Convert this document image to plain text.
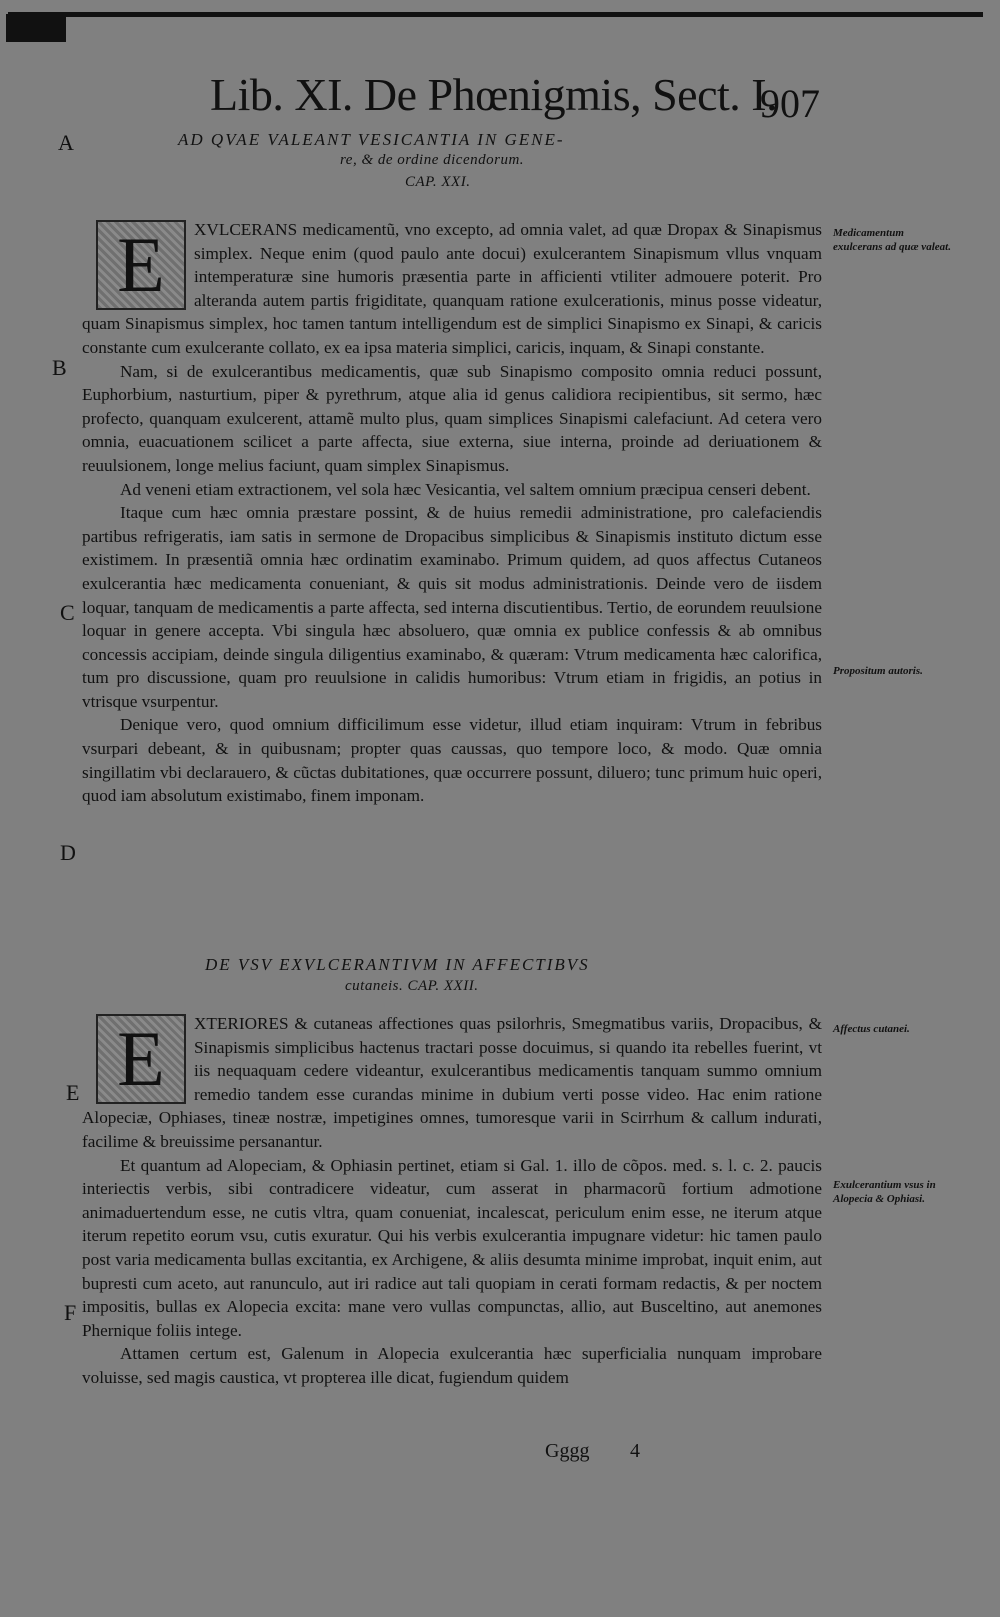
Lib. XI. De Phœnigmis, Sect. I.
907
A
B
C
D
E
F
AD QVAE VALEANT VESICANTIA IN GENE-
re, & de ordine dicendorum.
CAP. XXI.
E	XVLCERANS medicamentũ, vno excepto, ad omnia valet, ad quæ Dropax & Sinapismus simplex. Neque enim (quod paulo ante docui) exulcerantem Sinapismum vllus vnquam intemperaturæ sine humoris præsentia parte in afficienti vtiliter admouere poterit. Pro alteranda autem partis frigiditate, quanquam ratione exulcerationis, minus posse videatur, quam Sinapismus simplex, hoc tamen tantum intelligendum est de simplici Sinapismo ex Sinapi, & caricis constante cum exulcerante collato, ex ea ipsa materia simplici, caricis, inquam, & Sinapi constante.

Nam, si de exulcerantibus medicamentis, quæ sub Sinapismo composito omnia reduci possunt, Euphorbium, nasturtium, piper & pyrethrum, atque alia id genus calidiora recipientibus, sit sermo, hæc profecto, quanquam exulcerent, attamẽ multo plus, quam simplices Sinapismi calefaciunt. Ad cetera vero omnia, euacuationem scilicet a parte affecta, siue externa, siue interna, proinde ad deriuationem & reuulsionem, longe melius faciunt, quam simplex Sinapismus.

Ad veneni etiam extractionem, vel sola hæc Vesicantia, vel saltem omnium præcipua censeri debent.

Itaque cum hæc omnia præstare possint, & de huius remedii administratione, pro calefaciendis partibus refrigeratis, iam satis in sermone de Dropacibus simplicibus & Sinapismis instituto dictum esse existimem. In præsentiã omnia hæc ordinatim examinabo. Primum quidem, ad quos affectus Cutaneos exulcerantia hæc medicamenta conueniant, & quis sit modus administrationis. Deinde vero de iisdem loquar, tanquam de medicamentis a parte affecta, sed interna discutientibus. Tertio, de eorundem reuulsione loquar in genere accepta. Vbi singula hæc absoluero, quæ omnia ex publice confessis & ab omnibus concessis accipiam, deinde singula diligentius examinabo, & quæram: Vtrum medicamenta hæc calorifica, tum pro discussione, quam pro reuulsione in calidis humoribus: Vtrum etiam in frigidis, an potius in vtrisque vsurpentur.

Denique vero, quod omnium difficilimum esse videtur, illud etiam inquiram: Vtrum in febribus vsurpari debeant, & in quibusnam; propter quas caussas, quo tempore loco, & modo. Quæ omnia singillatim vbi declarauero, & cũctas dubitationes, quæ occurrere possunt, diluero; tunc primum huic operi, quod iam absolutum existimabo, finem imponam.

DE VSV EXVLCERANTIVM IN AFFECTIBVS
cutaneis. CAP. XXII.
E	XTERIORES & cutaneas affectiones quas psilorhris, Smegmatibus variis, Dropacibus, & Sinapismis simplicibus hactenus tractari posse docuimus, si quando ita rebelles fuerint, vt iis nequaquam cedere videantur, exulcerantibus medicamentis tanquam summo omnium remedio tandem esse curandas minime in dubium verti posse video. Hac enim ratione Alopeciæ, Ophiases, tineæ nostræ, impetigines omnes, tumoresque varii in Scirrhum & callum indurati, facilime & breuissime persanantur.

Et quantum ad Alopeciam, & Ophiasin pertinet, etiam si Gal. 1. illo de cõpos. med. s. l. c. 2. paucis interiectis verbis, sibi contradicere videatur, cum asserat in pharmacorũ fortium admotione animaduertendum esse, ne cutis vltra, quam conueniat, incalescat, periculum enim esse, ne iterum atque iterum repetito eorum vsu, cutis exuratur. Qui his verbis exulcerantia impugnare videtur: hic tamen paulo post varia medicamenta bullas excitantia, ex Archigene, & aliis desumta minime improbat, inquit enim, aut bupresti cum aceto, aut ranunculo, aut iri radice aut tali quopiam in cerati formam redactis, & per noctem impositis, bullas ex Alopecia excita: mane vero vullas compunctas, allio, aut Busceltino, aut anemones Phernique foliis intege.

Attamen certum est, Galenum in Alopecia exulcerantia hæc superficialia nunquam improbare voluisse, sed magis caustica, vt propterea ille dicat, fugiendum quidem

Medicamentum exulcerans ad quæ valeat.
Propositum autoris.
Affectus cutanei.
Exulcerantium vsus in Alopecia & Ophiasi.
Gggg 4
